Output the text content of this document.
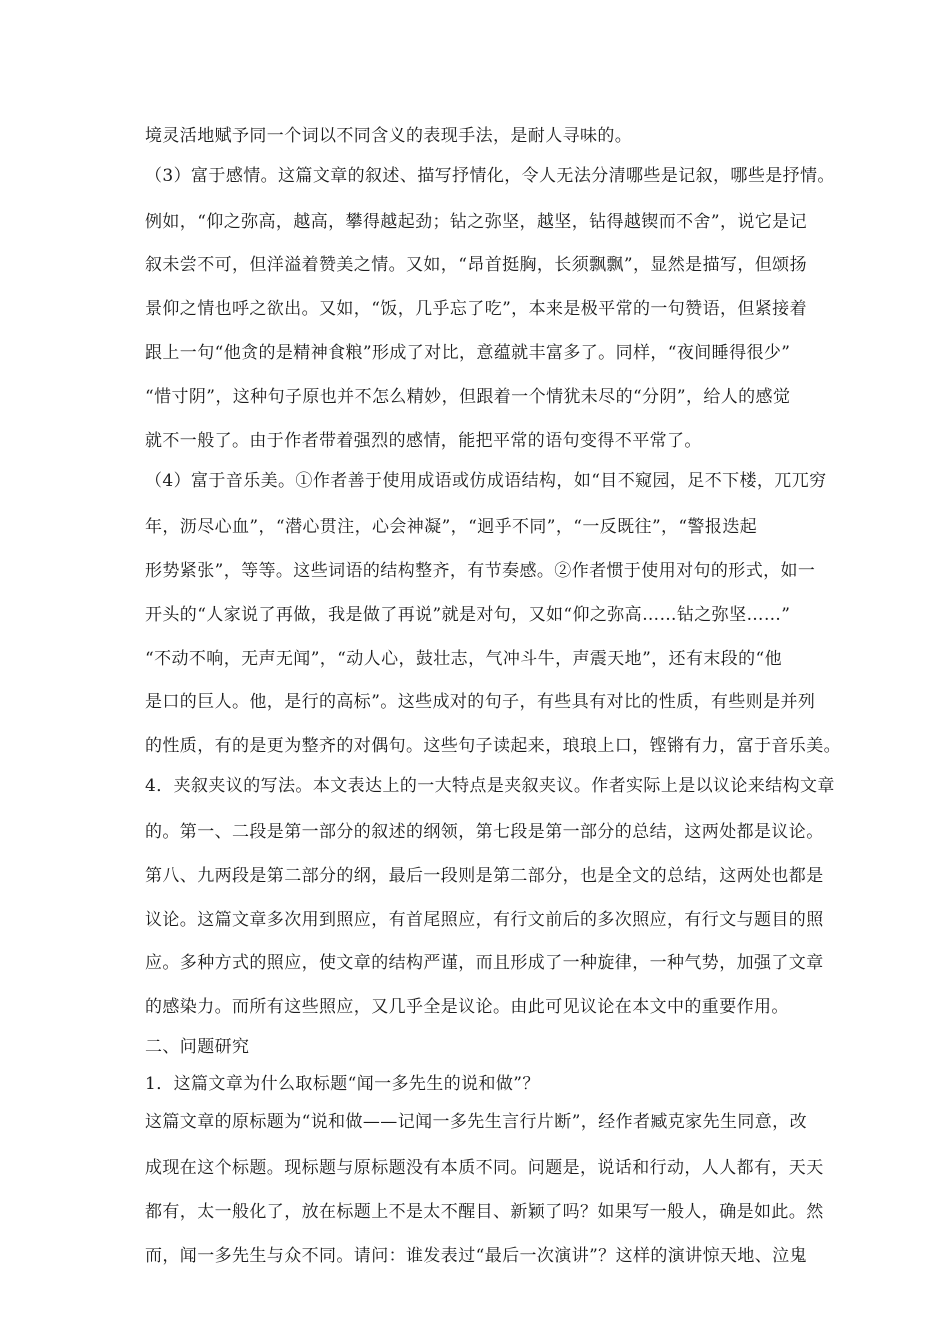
境灵活地赋予同一个词以不同含义的表现手法，是耐人寻味的。
（3）富于感情。这篇文章的叙述、描写抒情化，令人无法分清哪些是记叙，哪些是抒情。
例如，“仰之弥高，越高，攀得越起劲；钻之弥坚，越坚，钻得越锲而不舍”，说它是记
叙未尝不可，但洋溢着赞美之情。又如，“昂首挺胸，长须飘飘”，显然是描写，但颂扬
景仰之情也呼之欲出。又如，“饭，几乎忘了吃”，本来是极平常的一句赞语，但紧接着
跟上一句“他贪的是精神食粮”形成了对比，意蕴就丰富多了。同样，“夜间睡得很少”
“惜寸阴”，这种句子原也并不怎么精妙，但跟着一个情犹未尽的“分阴”，给人的感觉
就不一般了。由于作者带着强烈的感情，能把平常的语句变得不平常了。
（4）富于音乐美。①作者善于使用成语或仿成语结构，如“目不窥园，足不下楼，兀兀穷
年，沥尽心血”，“潜心贯注，心会神凝”，“迥乎不同”，“一反既往”，“警报迭起
形势紧张”，等等。这些词语的结构整齐，有节奏感。②作者惯于使用对句的形式，如一
开头的“人家说了再做，我是做了再说”就是对句，又如“仰之弥高……钻之弥坚……”
“不动不响，无声无闻”，“动人心，鼓壮志，气冲斗牛，声震天地”，还有末段的“他
是口的巨人。他，是行的高标”。这些成对的句子，有些具有对比的性质，有些则是并列
的性质，有的是更为整齐的对偶句。这些句子读起来，琅琅上口，铿锵有力，富于音乐美。
4．夹叙夹议的写法。本文表达上的一大特点是夹叙夹议。作者实际上是以议论来结构文章
的。第一、二段是第一部分的叙述的纲领，第七段是第一部分的总结，这两处都是议论。
第八、九两段是第二部分的纲，最后一段则是第二部分，也是全文的总结，这两处也都是
议论。这篇文章多次用到照应，有首尾照应，有行文前后的多次照应，有行文与题目的照
应。多种方式的照应，使文章的结构严谨，而且形成了一种旋律，一种气势，加强了文章
的感染力。而所有这些照应，又几乎全是议论。由此可见议论在本文中的重要作用。
二、问题研究
1．这篇文章为什么取标题“闻一多先生的说和做”？
这篇文章的原标题为“说和做——记闻一多先生言行片断”，经作者臧克家先生同意，改
成现在这个标题。现标题与原标题没有本质不同。问题是，说话和行动，人人都有，天天
都有，太一般化了，放在标题上不是太不醒目、新颖了吗？如果写一般人，确是如此。然
而，闻一多先生与众不同。请问：谁发表过“最后一次演讲”？这样的演讲惊天地、泣鬼
